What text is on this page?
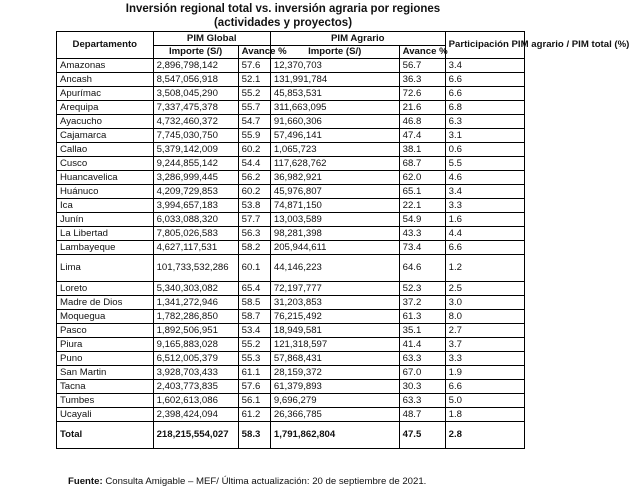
Inversión regional total vs. inversión agraria por regiones
(actividades y proyectos)
Departamento	PIM Global		PIM Agrario		Participación PIM agrario / PIM total (%)
	Importe (S/)	Avance %	Importe (S/)	Avance %	
Amazonas	2,896,798,142	57.6	12,370,703	56.7	3.4
Ancash	8,547,056,918	52.1	131,991,784	36.3	6.6
Apurímac	3,508,045,290	55.2	45,853,531	72.6	6.6
Arequipa	7,337,475,378	55.7	311,663,095	21.6	6.8
Ayacucho	4,732,460,372	54.7	91,660,306	46.8	6.3
Cajamarca	7,745,030,750	55.9	57,496,141	47.4	3.1
Callao	5,379,142,009	60.2	1,065,723	38.1	0.6
Cusco	9,244,855,142	54.4	117,628,762	68.7	5.5
Huancavelica	3,286,999,445	56.2	36,982,921	62.0	4.6
Huánuco	4,209,729,853	60.2	45,976,807	65.1	3.4
Ica	3,994,657,183	53.8	74,871,150	22.1	3.3
Junín	6,033,088,320	57.7	13,003,589	54.9	1.6
La Libertad	7,805,026,583	56.3	98,281,398	43.3	4.4
Lambayeque	4,627,117,531	58.2	205,944,611	73.4	6.6
Lima	101,733,532,286	60.1	44,146,223	64.6	1.2
Loreto	5,340,303,082	65.4	72,197,777	52.3	2.5
Madre de Dios	1,341,272,946	58.5	31,203,853	37.2	3.0
Moquegua	1,782,286,850	58.7	76,215,492	61.3	8.0
Pasco	1,892,506,951	53.4	18,949,581	35.1	2.7
Piura	9,165,883,028	55.2	121,318,597	41.4	3.7
Puno	6,512,005,379	55.3	57,868,431	63.3	3.3
San Martin	3,928,703,433	61.1	28,159,372	67.0	1.9
Tacna	2,403,773,835	57.6	61,379,893	30.3	6.6
Tumbes	1,602,613,086	56.1	9,696,279	63.3	5.0
Ucayali	2,398,424,094	61.2	26,366,785	48.7	1.8
Total	218,215,554,027	58.3	1,791,862,804	47.5	2.8
Fuente: Consulta Amigable – MEF/ Última actualización: 20 de septiembre de 2021.
